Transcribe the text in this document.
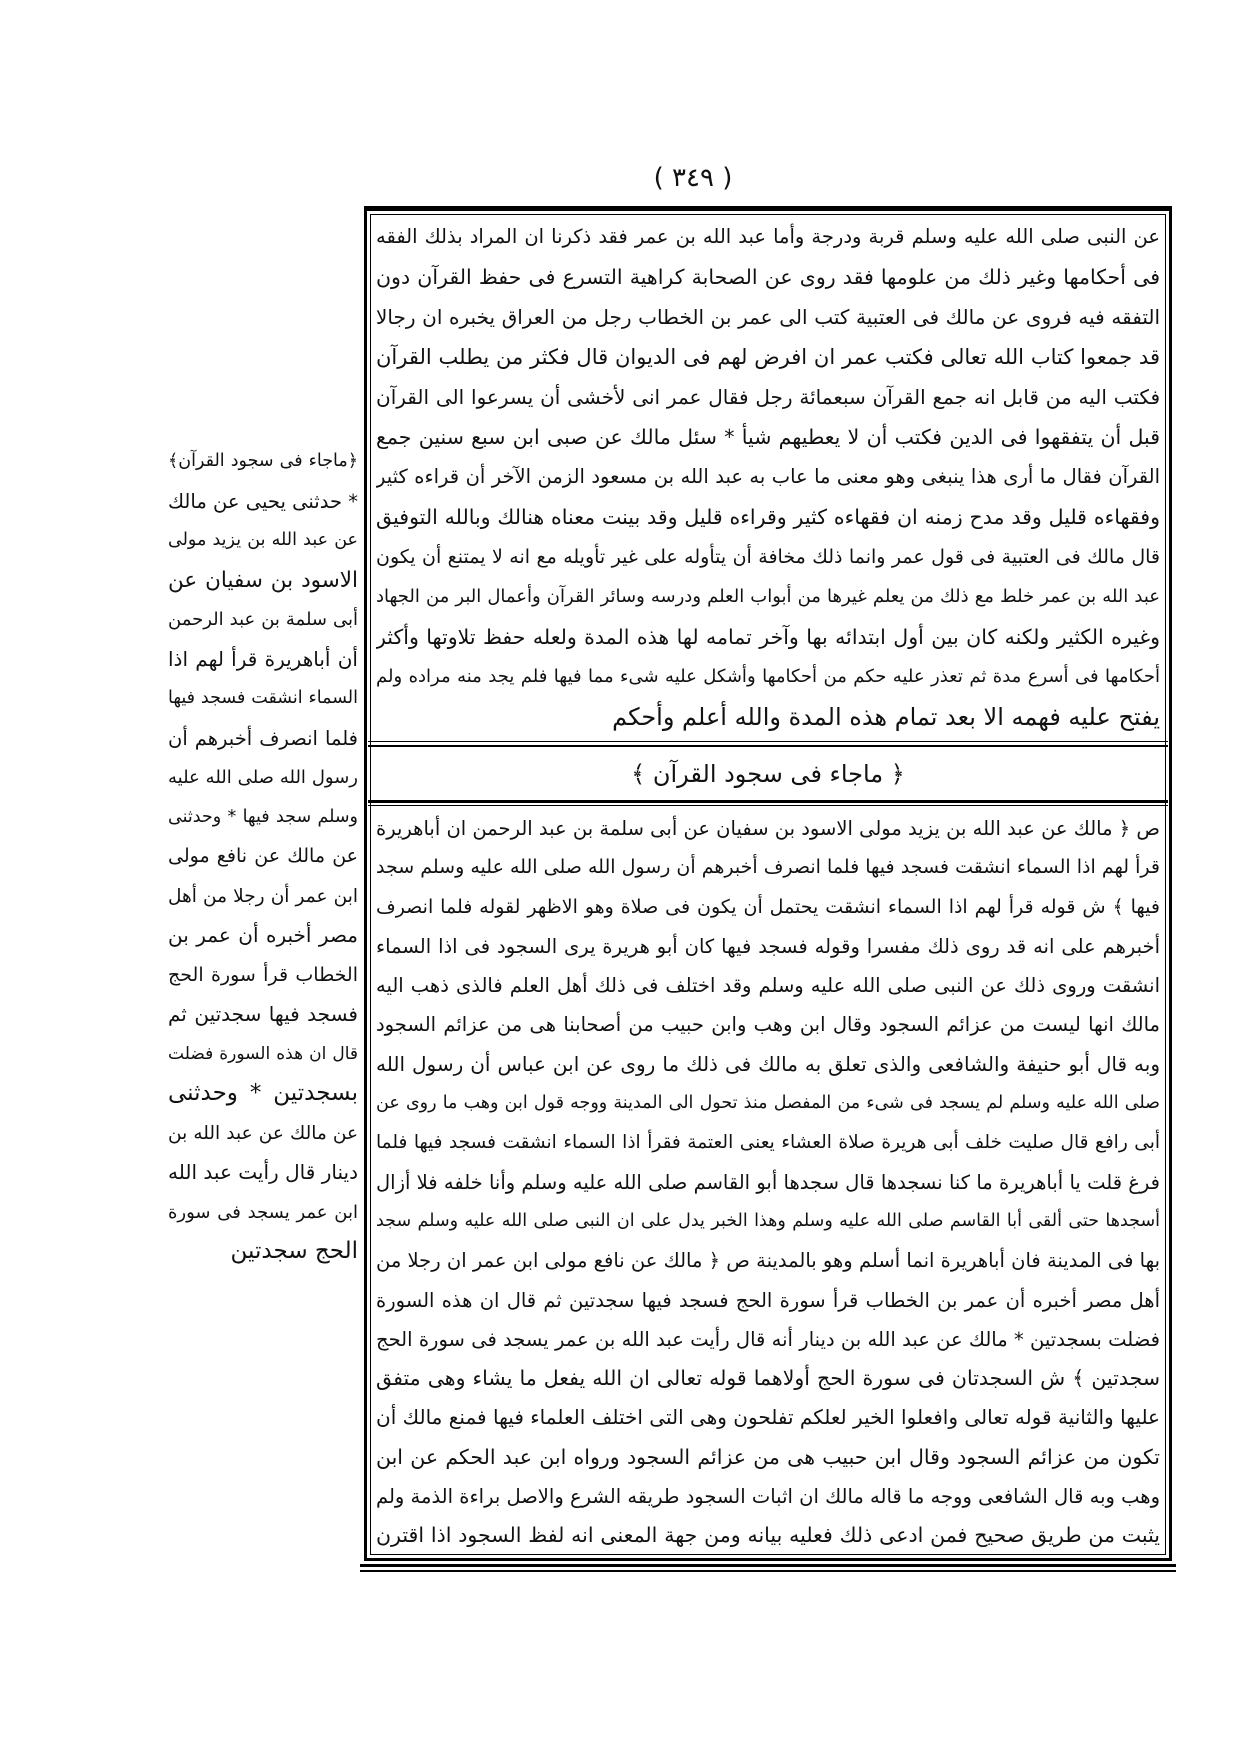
( ٣٤٩ )
عن النبى صلى الله عليه وسلم قربة ودرجة وأما عبد الله بن عمر فقد ذكرنا ان المراد بذلك الفقه
فى أحكامها وغير ذلك من علومها فقد روى عن الصحابة كراهية التسرع فى حفظ القرآن دون
التفقه فيه فروى عن مالك فى العتبية كتب الى عمر بن الخطاب رجل من العراق يخبره ان رجالا
قد جمعوا كتاب الله تعالى فكتب عمر ان افرض لهم فى الديوان قال فكثر من يطلب القرآن
فكتب اليه من قابل انه جمع القرآن سبعمائة رجل فقال عمر انى لأخشى أن يسرعوا الى القرآن
قبل أن يتفقهوا فى الدين فكتب أن لا يعطيهم شيأ * سئل مالك عن صبى ابن سبع سنين جمع
القرآن فقال ما أرى هذا ينبغى وهو معنى ما عاب به عبد الله بن مسعود الزمن الآخر أن قراءه كثير
وفقهاءه قليل وقد مدح زمنه ان فقهاءه كثير وقراءه قليل وقد بينت معناه هنالك وبالله التوفيق
قال مالك فى العتبية فى قول عمر وانما ذلك مخافة أن يتأوله على غير تأويله مع انه لا يمتنع أن يكون
عبد الله بن عمر خلط مع ذلك من يعلم غيرها من أبواب العلم ودرسه وسائر القرآن وأعمال البر من الجهاد
وغيره الكثير ولكنه كان بين أول ابتدائه بها وآخر تمامه لها هذه المدة ولعله حفظ تلاوتها وأكثر
أحكامها فى أسرع مدة ثم تعذر عليه حكم من أحكامها وأشكل عليه شىء مما فيها فلم يجد منه مراده ولم
يفتح عليه فهمه الا بعد تمام هذه المدة والله أعلم وأحكم
﴿ ماجاء فى سجود القرآن ﴾
ص ﴿ مالك عن عبد الله بن يزيد مولى الاسود بن سفيان عن أبى سلمة بن عبد الرحمن ان أباهريرة
قرأ لهم اذا السماء انشقت فسجد فيها فلما انصرف أخبرهم أن رسول الله صلى الله عليه وسلم سجد
فيها ﴾ ش قوله قرأ لهم اذا السماء انشقت يحتمل أن يكون فى صلاة وهو الاظهر لقوله فلما انصرف
أخبرهم على انه قد روى ذلك مفسرا وقوله فسجد فيها كان أبو هريرة يرى السجود فى اذا السماء
انشقت وروى ذلك عن النبى صلى الله عليه وسلم وقد اختلف فى ذلك أهل العلم فالذى ذهب اليه
مالك انها ليست من عزائم السجود وقال ابن وهب وابن حبيب من أصحابنا هى من عزائم السجود
وبه قال أبو حنيفة والشافعى والذى تعلق به مالك فى ذلك ما روى عن ابن عباس أن رسول الله
صلى الله عليه وسلم لم يسجد فى شىء من المفصل منذ تحول الى المدينة ووجه قول ابن وهب ما روى عن
أبى رافع قال صليت خلف أبى هريرة صلاة العشاء يعنى العتمة فقرأ اذا السماء انشقت فسجد فيها فلما
فرغ قلت يا أباهريرة ما كنا نسجدها قال سجدها أبو القاسم صلى الله عليه وسلم وأنا خلفه فلا أزال
أسجدها حتى ألقى أبا القاسم صلى الله عليه وسلم وهذا الخبر يدل على ان النبى صلى الله عليه وسلم سجد
بها فى المدينة فان أباهريرة انما أسلم وهو بالمدينة ص ﴿ مالك عن نافع مولى ابن عمر ان رجلا من
أهل مصر أخبره أن عمر بن الخطاب قرأ سورة الحج فسجد فيها سجدتين ثم قال ان هذه السورة
فضلت بسجدتين * مالك عن عبد الله بن دينار أنه قال رأيت عبد الله بن عمر يسجد فى سورة الحج
سجدتين ﴾ ش السجدتان فى سورة الحج أولاهما قوله تعالى ان الله يفعل ما يشاء وهى متفق
عليها والثانية قوله تعالى وافعلوا الخير لعلكم تفلحون وهى التى اختلف العلماء فيها فمنع مالك أن
تكون من عزائم السجود وقال ابن حبيب هى من عزائم السجود ورواه ابن عبد الحكم عن ابن
وهب وبه قال الشافعى ووجه ما قاله مالك ان اثبات السجود طريقه الشرع والاصل براءة الذمة ولم
يثبت من طريق صحيح فمن ادعى ذلك فعليه بيانه ومن جهة المعنى انه لفظ السجود اذا اقترن
﴿ماجاء فى سجود القرآن﴾
* حدثنى يحيى عن مالك
عن عبد الله بن يزيد مولى
الاسود بن سفيان عن
أبى سلمة بن عبد الرحمن
أن أباهريرة قرأ لهم اذا
السماء انشقت فسجد فيها
فلما انصرف أخبرهم أن
رسول الله صلى الله عليه
وسلم سجد فيها * وحدثنى
عن مالك عن نافع مولى
ابن عمر أن رجلا من أهل
مصر أخبره أن عمر بن
الخطاب قرأ سورة الحج
فسجد فيها سجدتين ثم
قال ان هذه السورة فضلت
بسجدتين * وحدثنى
عن مالك عن عبد الله بن
دينار قال رأيت عبد الله
ابن عمر يسجد فى سورة
الحج سجدتين
